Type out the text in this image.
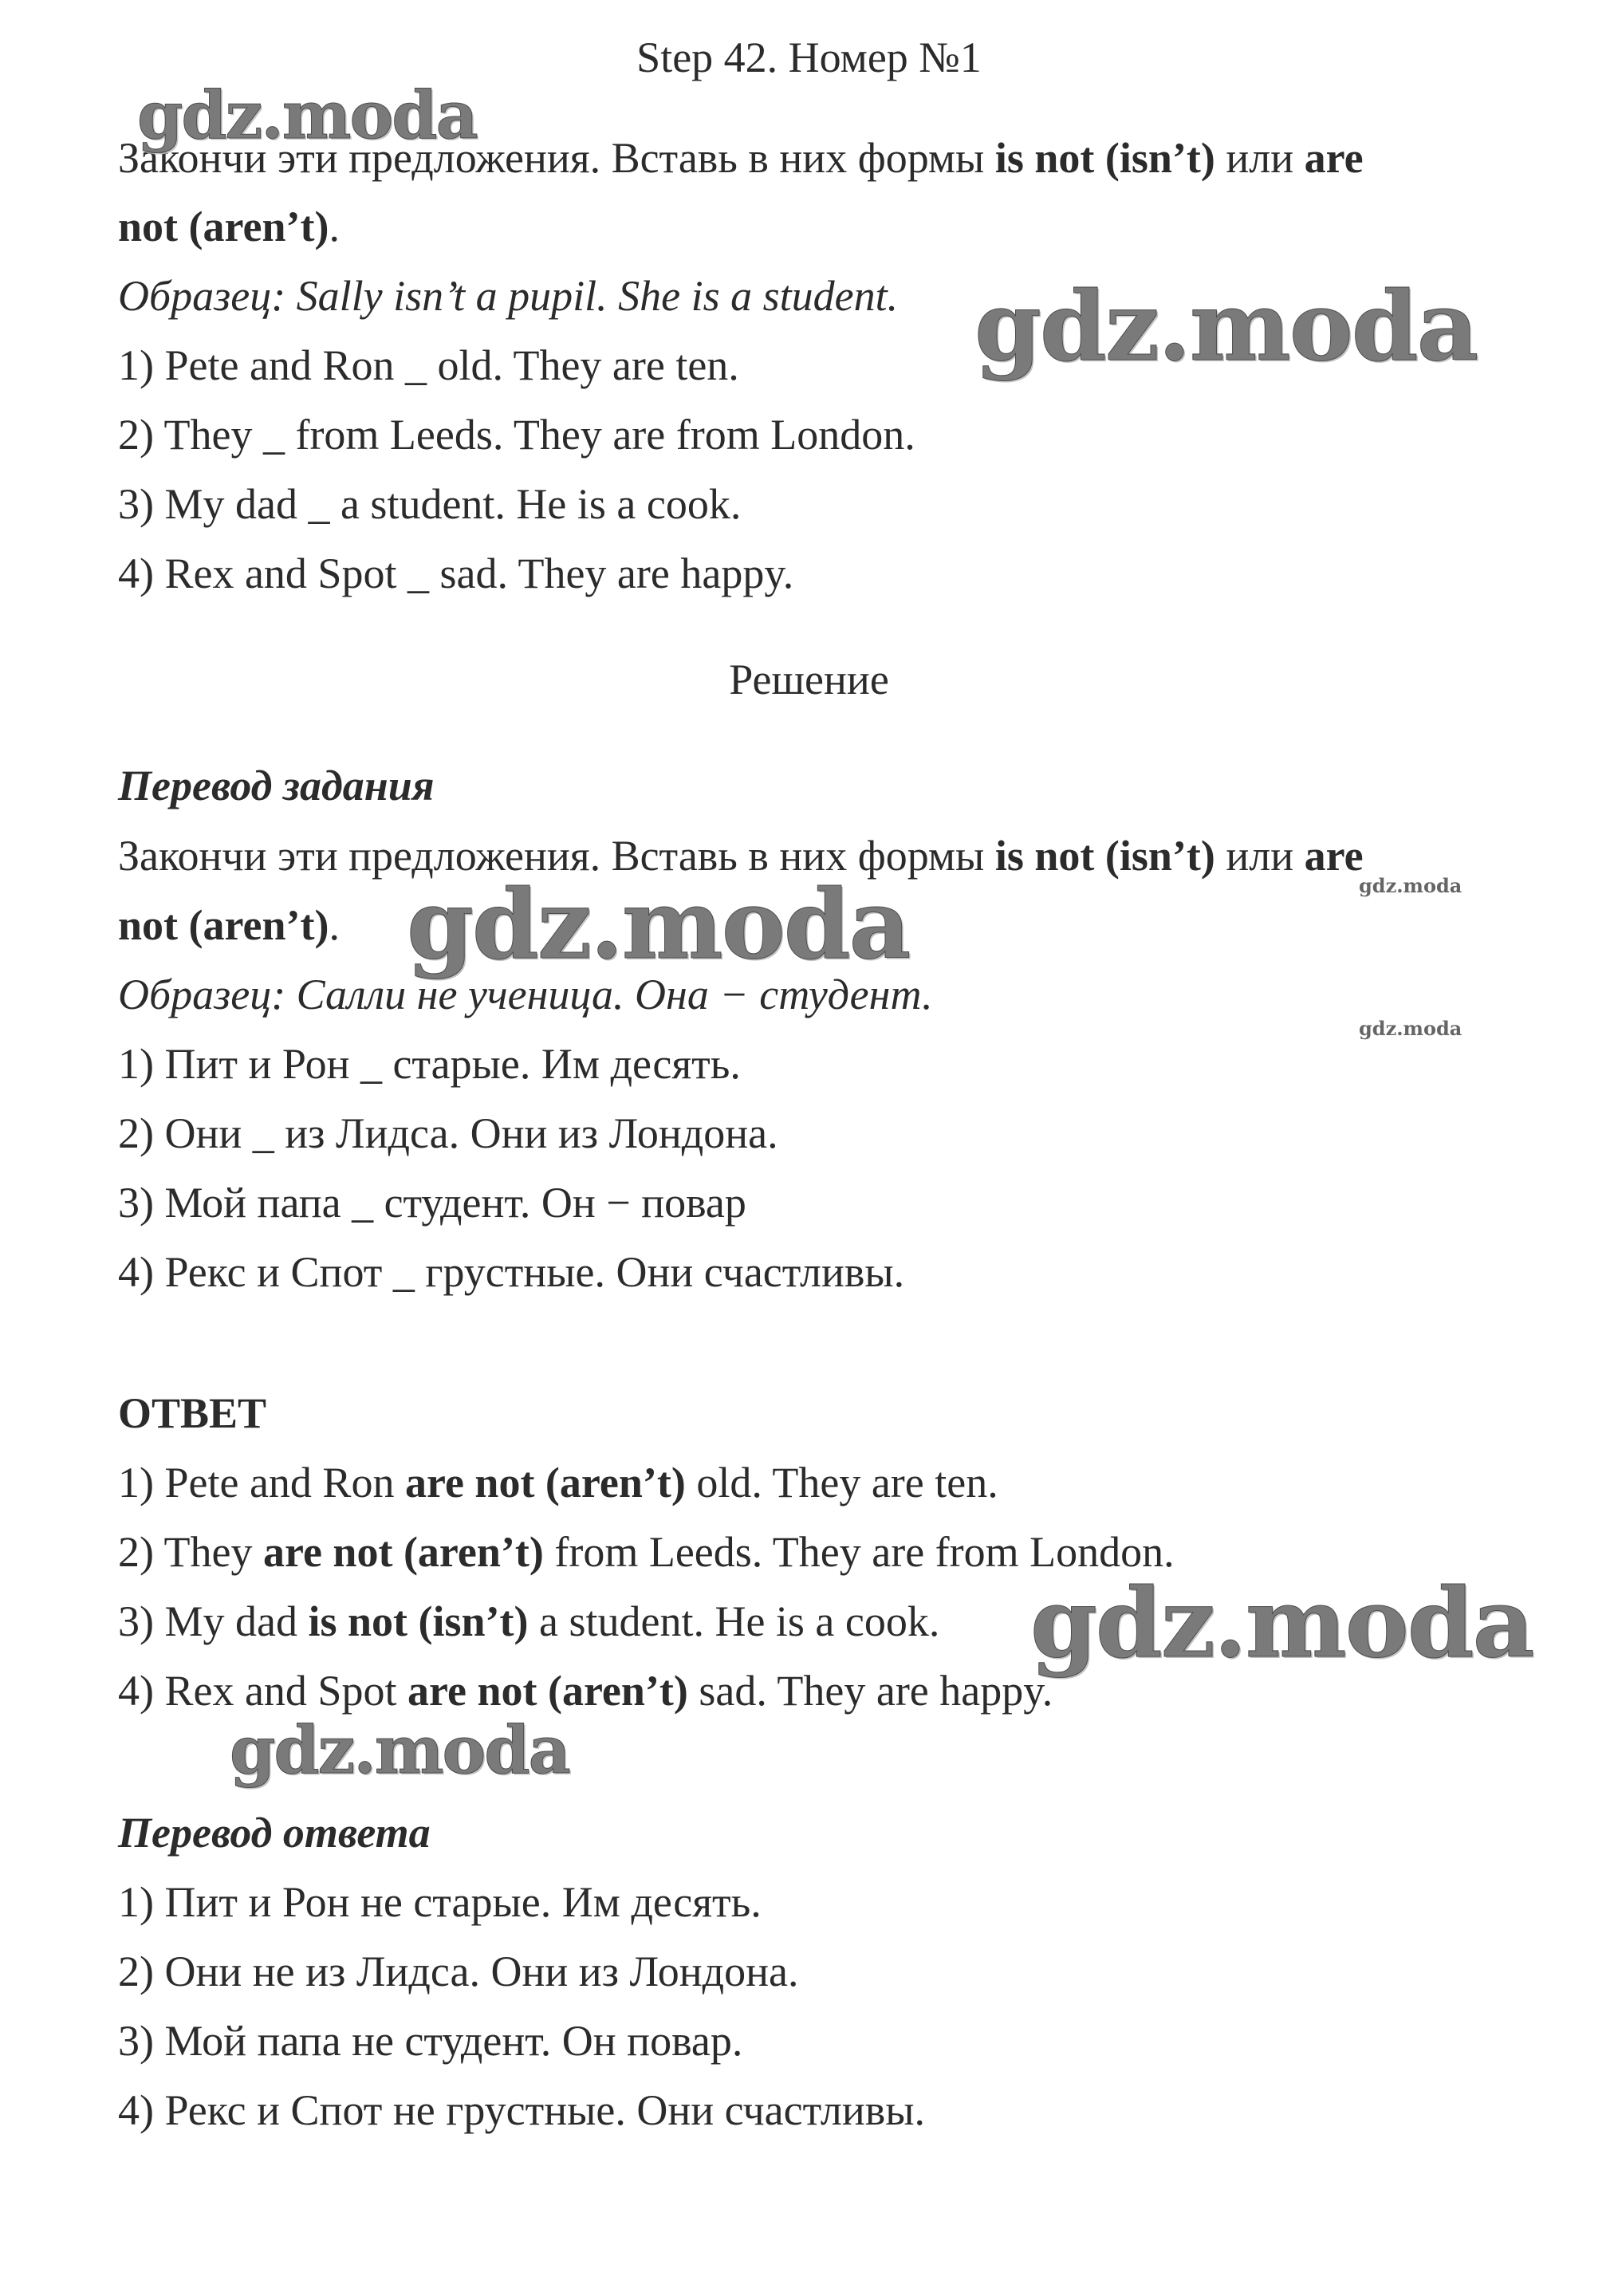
Step 42. Номер №1

Закончи эти предложения. Вставь в них формы is not (isn’t) или are

not (aren’t).

Образец: Sally isn’t a pupil. She is a student.

1) Pete and Ron _ old. They are ten.

2) They _ from Leeds. They are from London.

3) My dad _ a student. He is a cook.

4) Rex and Spot _ sad. They are happy.

Решение

Перевод задания

Закончи эти предложения. Вставь в них формы is not (isn’t) или are

not (aren’t).

Образец: Салли не ученица. Она − студент.

1) Пит и Рон _ старые. Им десять.

2) Они _ из Лидса. Они из Лондона.

3) Мой папа _ студент. Он − повар

4) Рекс и Спот _ грустные. Они счастливы.

ОТВЕТ

1) Pete and Ron are not (aren’t) old. They are ten.

2) They are not (aren’t) from Leeds. They are from London.

3) My dad is not (isn’t) a student. He is a cook.

4) Rex and Spot are not (aren’t) sad. They are happy.

Перевод ответа

1) Пит и Рон не старые. Им десять.

2) Они не из Лидса. Они из Лондона.

3) Мой папа не студент. Он повар.

4) Рекс и Спот не грустные. Они счастливы.

gdz.moda
gdz.moda
gdz.moda	gdz.moda
gdz.moda
gdz.moda
gdz.moda
